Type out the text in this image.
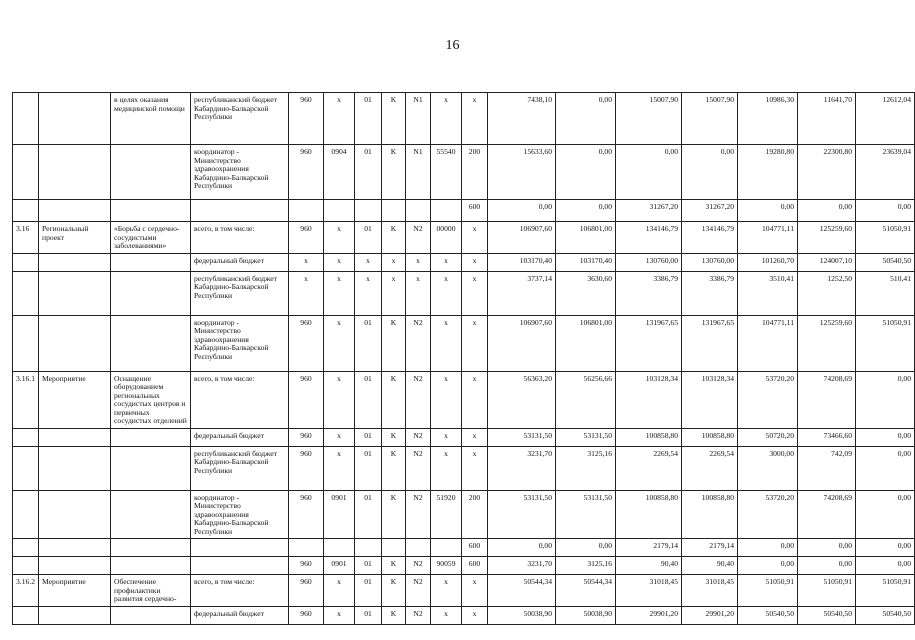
16
		в целях оказания медицинской помощи	республиканский бюджет Кабардино-Балкарской Республики	960	x	01	K	N1	x	x	7438,10	0,00	15007,90	15007,90	10986,30	11641,70	12612,04
			координатор - Министерство здравоохранения Кабардино-Балкарской Республики	960	0904	01	K	N1	55540	200	15633,60	0,00	0,00	0,00	19280,80	22300,80	23639,04
										600	0,00	0,00	31267,20	31267,20	0,00	0,00	0,00
3.16	Региональный проект	«Борьба с сердечно-сосудистыми заболеваниями»	всего, в том числе:	960	x	01	K	N2	00000	x	106907,60	106801,00	134146,79	134146,79	104771,11	125259,60	51050,91
			федеральный бюджет	x	x	x	x	x	x	x	103170,40	103170,40	130760,00	130760,00	101260,70	124007,10	50540,50
			республиканский бюджет Кабардино-Балкарской Республики	x	x	x	x	x	x	x	3737,14	3630,60	3386,79	3386,79	3510,41	1252,50	510,41
			координатор - Министерство здравоохранения Кабардино-Балкарской Республики	960	x	01	K	N2	x	x	106907,60	106801,00	131967,65	131967,65	104771,11	125259,60	51050,91
3.16.1	Мероприятие	Оснащение оборудованием региональных сосудистых центров и первичных сосудистых отделений	всего, в том числе:	960	x	01	K	N2	x	x	56363,20	56256,66	103128,34	103128,34	53720,20	74208,69	0,00
			федеральный бюджет	960	x	01	K	N2	x	x	53131,50	53131,50	100858,80	100858,80	50720,20	73466,60	0,00
			республиканский бюджет Кабардино-Балкарской Республики	960	x	01	K	N2	x	x	3231,70	3125,16	2269,54	2269,54	3000,00	742,09	0,00
			координатор - Министерство здравоохранения Кабардино-Балкарской Республики	960	0901	01	K	N2	51920	200	53131,50	53131,50	100858,80	100858,80	53720,20	74208,69	0,00
										600	0,00	0,00	2179,14	2179,14	0,00	0,00	0,00
				960	0901	01	K	N2	90059	600	3231,70	3125,16	90,40	90,40	0,00	0,00	0,00
3.16.2	Мероприятие	Обеспечение профилактики развития сердечно-	всего, в том числе:	960	x	01	K	N2	x	x	50544,34	50544,34	31018,45	31018,45	51050,91	51050,91	51050,91
			федеральный бюджет	960	x	01	K	N2	x	x	50038,90	50038,90	29901,20	29901,20	50540,50	50540,50	50540,50
